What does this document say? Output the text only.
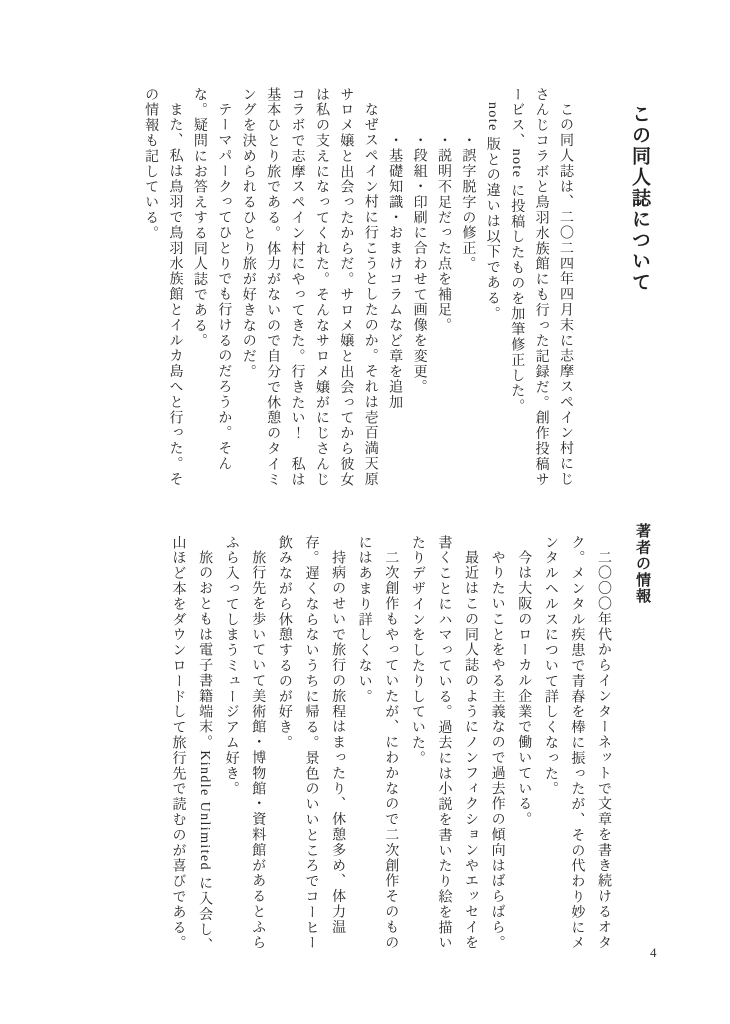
この同人誌について

この同人誌は、二〇二四年四月末に志摩スペイン村にじさんじコラボと鳥羽水族館にも行った記録だ。創作投稿サービス、note に投稿したものを加筆修正した。

note 版との違いは以下である。

・誤字脱字の修正。

・説明不足だった点を補足。

・段組・印刷に合わせて画像を変更。

・基礎知識・おまけコラムなど章を追加

なぜスペイン村に行こうとしたのか。それは壱百満天原サロメ嬢と出会ったからだ。サロメ嬢と出会ってから彼女は私の支えになってくれた。そんなサロメ嬢がにじさんじコラボで志摩スペイン村にやってきた。行きたい！　私は基本ひとり旅である。体力がないので自分で休憩のタイミングを決められるひとり旅が好きなのだ。

テーマパークってひとりでも行けるのだろうか。そんな。疑問にお答えする同人誌である。

また、私は鳥羽で鳥羽水族館とイルカ島へと行った。その情報も記している。

著者の情報

二〇〇〇年代からインターネットで文章を書き続けるオタク。メンタル疾患で青春を棒に振ったが、その代わり妙にメンタルヘルスについて詳しくなった。

今は大阪のローカル企業で働いている。

やりたいことをやる主義なので過去作の傾向はばらばら。

最近はこの同人誌のようにノンフィクションやエッセイを書くことにハマっている。過去には小説を書いたり絵を描いたりデザインをしたりしていた。

二次創作もやっていたが、にわかなので二次創作そのものにはあまり詳しくない。

持病のせいで旅行の旅程はまったり、休憩多め、体力温存。遅くならないうちに帰る。景色のいいところでコーヒー飲みながら休憩するのが好き。

旅行先を歩いていて美術館・博物館・資料館があるとふらふら入ってしまうミュージアム好き。

旅のおともは電子書籍端末。Kindle Unlimited に入会し、山ほど本をダウンロードして旅行先で読むのが喜びである。

4
